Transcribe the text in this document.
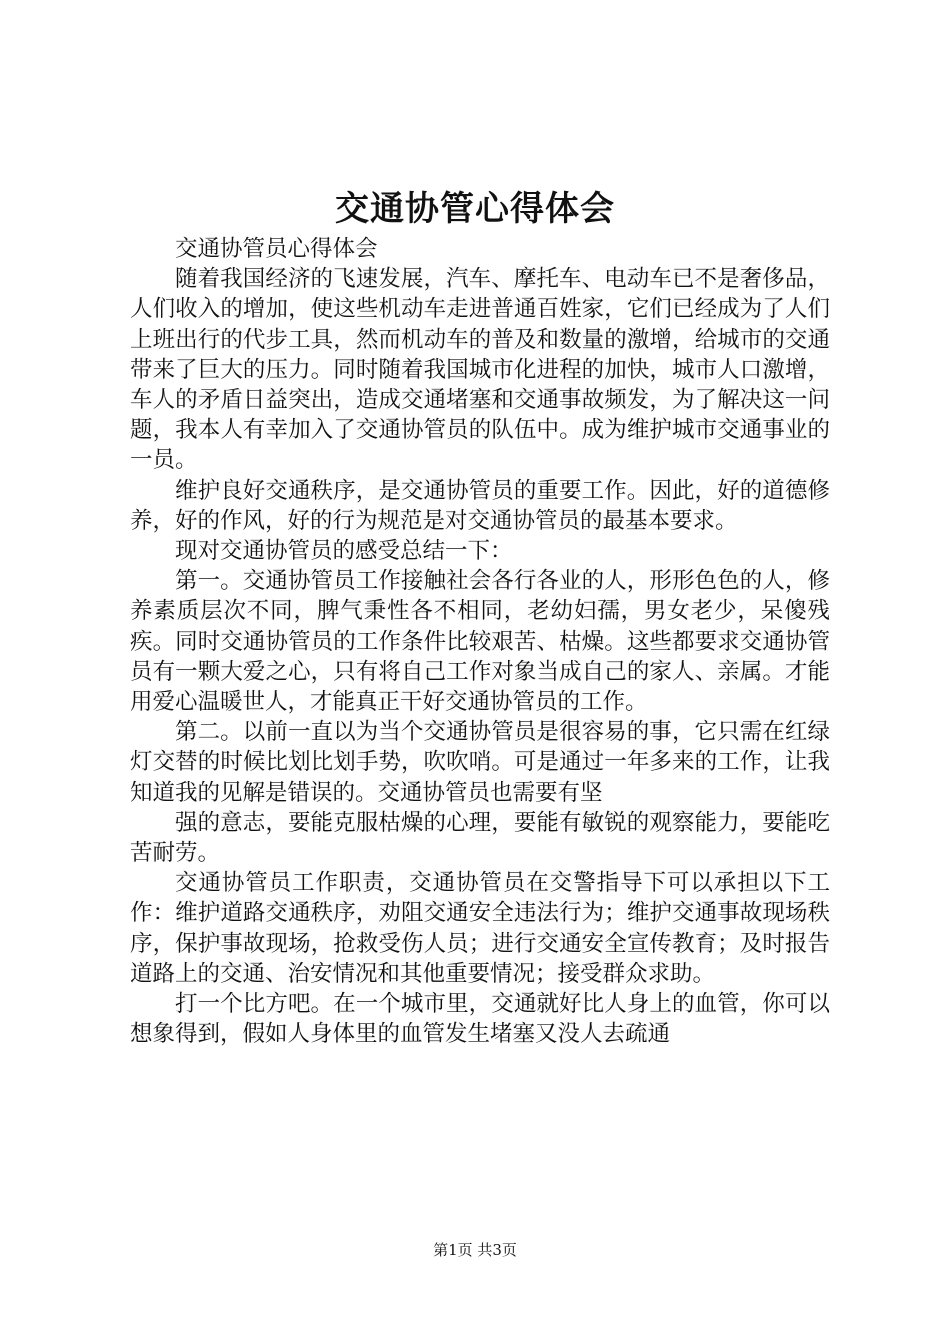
交通协管心得体会

交通协管员心得体会

随着我国经济的飞速发展，汽车、摩托车、电动车已不是奢侈品，人们收入的增加，使这些机动车走进普通百姓家，它们已经成为了人们上班出行的代步工具，然而机动车的普及和数量的激增，给城市的交通带来了巨大的压力。同时随着我国城市化进程的加快，城市人口激增，车人的矛盾日益突出，造成交通堵塞和交通事故频发，为了解决这一问题，我本人有幸加入了交通协管员的队伍中。成为维护城市交通事业的一员。

维护良好交通秩序，是交通协管员的重要工作。因此，好的道德修养，好的作风，好的行为规范是对交通协管员的最基本要求。

现对交通协管员的感受总结一下：

第一。交通协管员工作接触社会各行各业的人，形形色色的人，修养素质层次不同，脾气秉性各不相同，老幼妇孺，男女老少，呆傻残疾。同时交通协管员的工作条件比较艰苦、枯燥。这些都要求交通协管员有一颗大爱之心，只有将自己工作对象当成自己的家人、亲属。才能用爱心温暖世人，才能真正干好交通协管员的工作。

第二。以前一直以为当个交通协管员是很容易的事，它只需在红绿灯交替的时候比划比划手势，吹吹哨。可是通过一年多来的工作，让我知道我的见解是错误的。交通协管员也需要有坚

强的意志，要能克服枯燥的心理，要能有敏锐的观察能力，要能吃苦耐劳。

交通协管员工作职责，交通协管员在交警指导下可以承担以下工作：维护道路交通秩序，劝阻交通安全违法行为；维护交通事故现场秩序，保护事故现场，抢救受伤人员；进行交通安全宣传教育；及时报告道路上的交通、治安情况和其他重要情况；接受群众求助。

打一个比方吧。在一个城市里，交通就好比人身上的血管，你可以想象得到，假如人身体里的血管发生堵塞又没人去疏通

第1页 共3页
